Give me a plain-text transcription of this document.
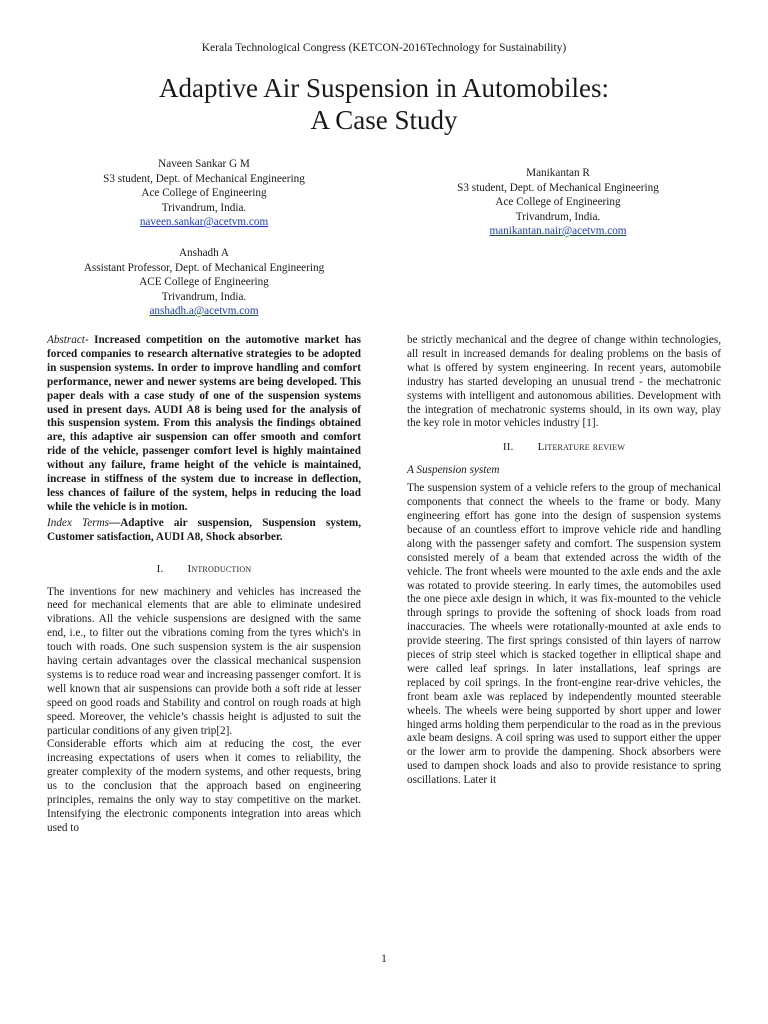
Kerala Technological Congress (KETCON-2016Technology for Sustainability)
Adaptive Air Suspension in Automobiles:
A Case Study
Naveen Sankar G M
S3 student, Dept. of Mechanical Engineering
Ace College of Engineering
Trivandrum, India.
naveen.sankar@acetvm.com
Manikantan R
S3 student, Dept. of Mechanical Engineering
Ace College of Engineering
Trivandrum, India.
manikantan.nair@acetvm.com
Anshadh A
Assistant Professor, Dept. of Mechanical Engineering
ACE College of Engineering
Trivandrum, India.
anshadh.a@acetvm.com

Abstract- Increased competition on the automotive market has forced companies to research alternative strategies to be adopted in suspension systems. In order to improve handling and comfort performance, newer and newer systems are being developed. This paper deals with a case study of one of the suspension systems used in present days. AUDI A8 is being used for the analysis of this suspension system. From this analysis the findings obtained are, this adaptive air suspension can offer smooth and comfort ride of the vehicle, passenger comfort level is highly maintained without any failure, frame height of the vehicle is maintained, increase in stiffness of the system due to increase in deflection, less chances of failure of the system, helps in reducing the load while the vehicle is in motion.

Index Terms—Adaptive air suspension, Suspension system, Customer satisfaction, AUDI A8, Shock absorber.

I. Introduction

The inventions for new machinery and vehicles has increased the need for mechanical elements that are able to eliminate undesired vibrations. All the vehicle suspensions are designed with the same end, i.e., to filter out the vibrations coming from the tyres which's in touch with roads. One such suspension system is the air suspension having certain advantages over the classical mechanical suspension systems is to reduce road wear and increasing passenger comfort. It is well known that air suspensions can provide both a soft ride at lesser speed on good roads and Stability and control on rough roads at high speed. Moreover, the vehicle’s chassis height is adjusted to suit the particular conditions of any given trip[2].

Considerable efforts which aim at reducing the cost, the ever increasing expectations of users when it comes to reliability, the greater complexity of the modern systems, and other requests, bring us to the conclusion that the approach based on engineering principles, remains the only way to stay competitive on the market. Intensifying the electronic components integration into areas which used to

be strictly mechanical and the degree of change within technologies, all result in increased demands for dealing problems on the basis of what is offered by system engineering. In recent years, automobile industry has started developing an unusual trend - the mechatronic systems with intelligent and autonomous abilities. Development with the integration of mechatronic systems should, in its own way, play the key role in motor vehicles industry [1].

II. Literature review

A Suspension system

The suspension system of a vehicle refers to the group of mechanical components that connect the wheels to the frame or body. Many engineering effort has gone into the design of suspension systems because of an countless effort to improve vehicle ride and handling along with the passenger safety and comfort. The suspension system consisted merely of a beam that extended across the width of the vehicle. The front wheels were mounted to the axle ends and the axle was rotated to provide steering. In early times, the automobiles used the one piece axle design in which, it was fix-mounted to the vehicle through springs to provide the softening of shock loads from road inaccuracies. The wheels were rotationally-mounted at axle ends to provide steering. The first springs consisted of thin layers of narrow pieces of strip steel which is stacked together in elliptical shape and were called leaf springs. In later installations, leaf springs are replaced by coil springs. In the front-engine rear-drive vehicles, the front beam axle was replaced by independently mounted steerable wheels. The wheels were being supported by short upper and lower hinged arms holding them perpendicular to the road as in the previous axle beam designs. A coil spring was used to support either the upper or the lower arm to provide the dampening. Shock absorbers were used to dampen shock loads and also to provide resistance to spring oscillations. Later it

1
